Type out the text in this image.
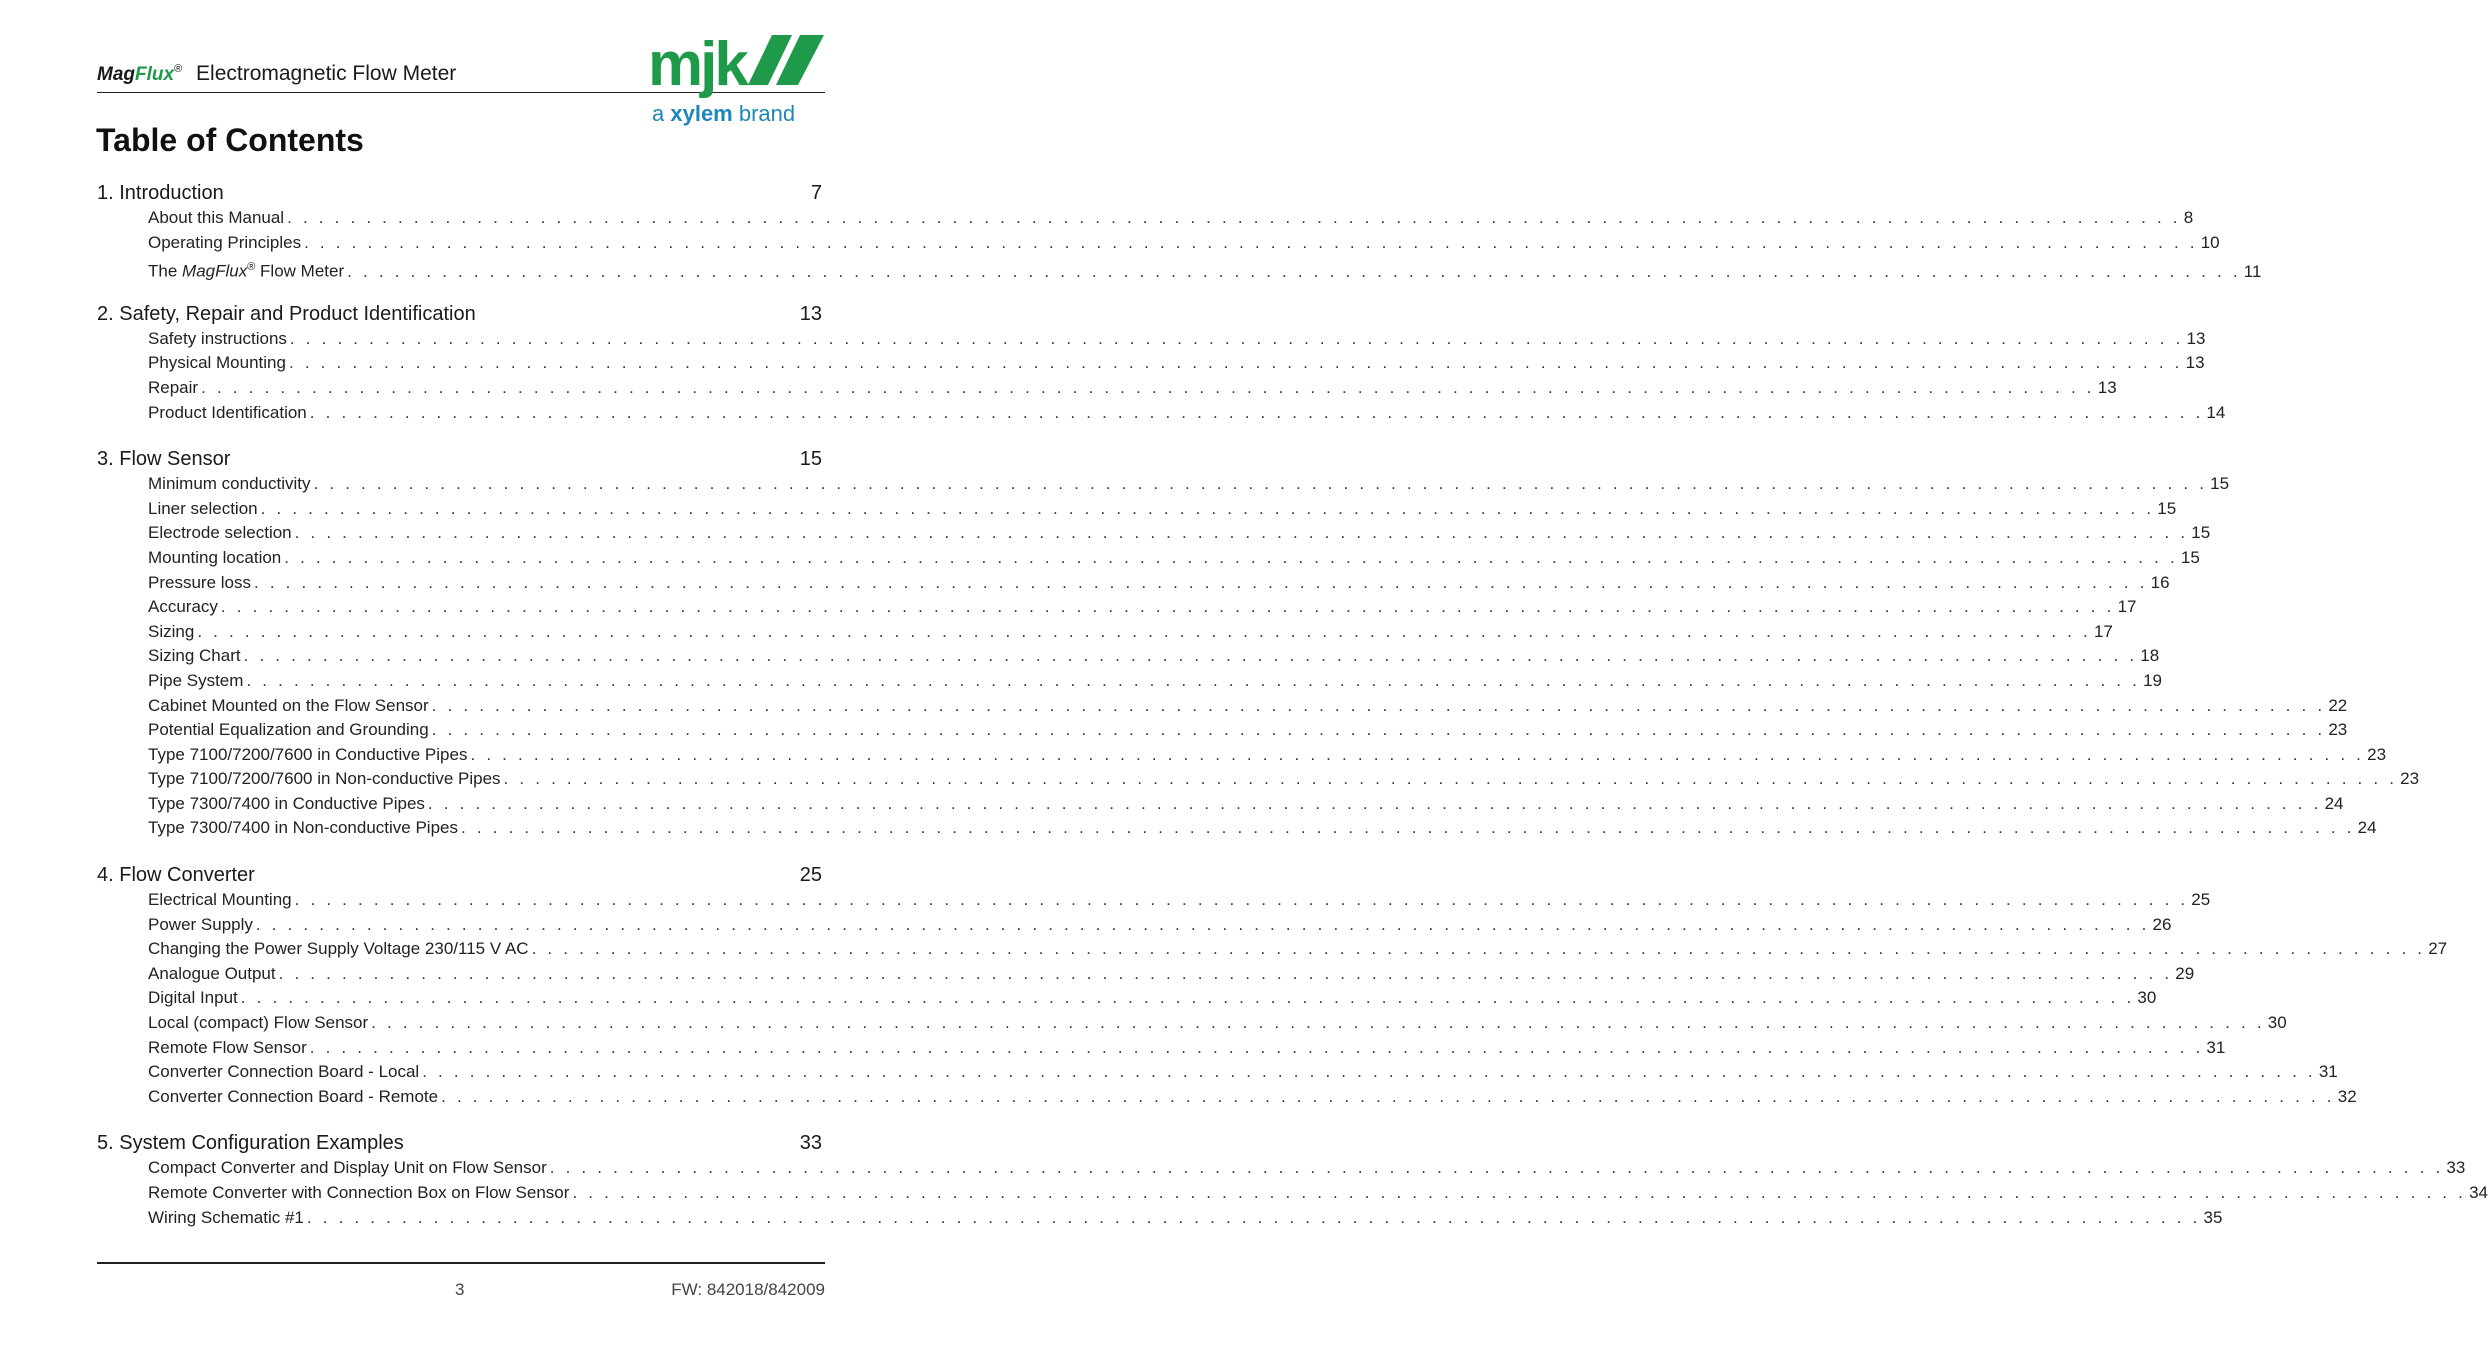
MagFlux® Electromagnetic Flow Meter	mjk
a xylem brand
Table of Contents
1. Introduction	7
About this Manual . . . . . . . . . . . . . . . . . . . . . . . . . . . . . . . . . . . . . . . . . . . . . . . . . . . . . . . . . . . . . . . . . . . . . . . . . . . . . . . . . . . . . . . . . . . . . . . . . . . . . . . . . . . . . . . . . . . . . . . . 8
Operating Principles . . . . . . . . . . . . . . . . . . . . . . . . . . . . . . . . . . . . . . . . . . . . . . . . . . . . . . . . . . . . . . . . . . . . . . . . . . . . . . . . . . . . . . . . . . . . . . . . . . . . . . . . . . . . . . . . . . . . . . . . 10
The MagFlux® Flow Meter . . . . . . . . . . . . . . . . . . . . . . . . . . . . . . . . . . . . . . . . . . . . . . . . . . . . . . . . . . . . . . . . . . . . . . . . . . . . . . . . . . . . . . . . . . . . . . . . . . . . . . . . . . . . . . . . . . . . . . . . 11
2. Safety, Repair and Product Identification	13
Safety instructions . . . . . . . . . . . . . . . . . . . . . . . . . . . . . . . . . . . . . . . . . . . . . . . . . . . . . . . . . . . . . . . . . . . . . . . . . . . . . . . . . . . . . . . . . . . . . . . . . . . . . . . . . . . . . . . . . . . . . . . . 13
Physical Mounting . . . . . . . . . . . . . . . . . . . . . . . . . . . . . . . . . . . . . . . . . . . . . . . . . . . . . . . . . . . . . . . . . . . . . . . . . . . . . . . . . . . . . . . . . . . . . . . . . . . . . . . . . . . . . . . . . . . . . . . . 13
Repair . . . . . . . . . . . . . . . . . . . . . . . . . . . . . . . . . . . . . . . . . . . . . . . . . . . . . . . . . . . . . . . . . . . . . . . . . . . . . . . . . . . . . . . . . . . . . . . . . . . . . . . . . . . . . . . . . . . . . . . . 13
Product Identification . . . . . . . . . . . . . . . . . . . . . . . . . . . . . . . . . . . . . . . . . . . . . . . . . . . . . . . . . . . . . . . . . . . . . . . . . . . . . . . . . . . . . . . . . . . . . . . . . . . . . . . . . . . . . . . . . . . . . . . . 14
3. Flow Sensor	15
Minimum conductivity . . . . . . . . . . . . . . . . . . . . . . . . . . . . . . . . . . . . . . . . . . . . . . . . . . . . . . . . . . . . . . . . . . . . . . . . . . . . . . . . . . . . . . . . . . . . . . . . . . . . . . . . . . . . . . . . . . . . . . . . 15
Liner selection . . . . . . . . . . . . . . . . . . . . . . . . . . . . . . . . . . . . . . . . . . . . . . . . . . . . . . . . . . . . . . . . . . . . . . . . . . . . . . . . . . . . . . . . . . . . . . . . . . . . . . . . . . . . . . . . . . . . . . . . 15
Electrode selection . . . . . . . . . . . . . . . . . . . . . . . . . . . . . . . . . . . . . . . . . . . . . . . . . . . . . . . . . . . . . . . . . . . . . . . . . . . . . . . . . . . . . . . . . . . . . . . . . . . . . . . . . . . . . . . . . . . . . . . . 15
Mounting location . . . . . . . . . . . . . . . . . . . . . . . . . . . . . . . . . . . . . . . . . . . . . . . . . . . . . . . . . . . . . . . . . . . . . . . . . . . . . . . . . . . . . . . . . . . . . . . . . . . . . . . . . . . . . . . . . . . . . . . . 15
Pressure loss . . . . . . . . . . . . . . . . . . . . . . . . . . . . . . . . . . . . . . . . . . . . . . . . . . . . . . . . . . . . . . . . . . . . . . . . . . . . . . . . . . . . . . . . . . . . . . . . . . . . . . . . . . . . . . . . . . . . . . . . 16
Accuracy . . . . . . . . . . . . . . . . . . . . . . . . . . . . . . . . . . . . . . . . . . . . . . . . . . . . . . . . . . . . . . . . . . . . . . . . . . . . . . . . . . . . . . . . . . . . . . . . . . . . . . . . . . . . . . . . . . . . . . . . 17
Sizing . . . . . . . . . . . . . . . . . . . . . . . . . . . . . . . . . . . . . . . . . . . . . . . . . . . . . . . . . . . . . . . . . . . . . . . . . . . . . . . . . . . . . . . . . . . . . . . . . . . . . . . . . . . . . . . . . . . . . . . . 17
Sizing Chart . . . . . . . . . . . . . . . . . . . . . . . . . . . . . . . . . . . . . . . . . . . . . . . . . . . . . . . . . . . . . . . . . . . . . . . . . . . . . . . . . . . . . . . . . . . . . . . . . . . . . . . . . . . . . . . . . . . . . . . . 18
Pipe System . . . . . . . . . . . . . . . . . . . . . . . . . . . . . . . . . . . . . . . . . . . . . . . . . . . . . . . . . . . . . . . . . . . . . . . . . . . . . . . . . . . . . . . . . . . . . . . . . . . . . . . . . . . . . . . . . . . . . . . . 19
Cabinet Mounted on the Flow Sensor . . . . . . . . . . . . . . . . . . . . . . . . . . . . . . . . . . . . . . . . . . . . . . . . . . . . . . . . . . . . . . . . . . . . . . . . . . . . . . . . . . . . . . . . . . . . . . . . . . . . . . . . . . . . . . . . . . . . . . . . 22
Potential Equalization and Grounding . . . . . . . . . . . . . . . . . . . . . . . . . . . . . . . . . . . . . . . . . . . . . . . . . . . . . . . . . . . . . . . . . . . . . . . . . . . . . . . . . . . . . . . . . . . . . . . . . . . . . . . . . . . . . . . . . . . . . . . . 23
Type 7100/7200/7600 in Conductive Pipes . . . . . . . . . . . . . . . . . . . . . . . . . . . . . . . . . . . . . . . . . . . . . . . . . . . . . . . . . . . . . . . . . . . . . . . . . . . . . . . . . . . . . . . . . . . . . . . . . . . . . . . . . . . . . . . . . . . . . . . . 23
Type 7100/7200/7600 in Non-conductive Pipes . . . . . . . . . . . . . . . . . . . . . . . . . . . . . . . . . . . . . . . . . . . . . . . . . . . . . . . . . . . . . . . . . . . . . . . . . . . . . . . . . . . . . . . . . . . . . . . . . . . . . . . . . . . . . . . . . . . . . . . . 23
Type 7300/7400 in Conductive Pipes . . . . . . . . . . . . . . . . . . . . . . . . . . . . . . . . . . . . . . . . . . . . . . . . . . . . . . . . . . . . . . . . . . . . . . . . . . . . . . . . . . . . . . . . . . . . . . . . . . . . . . . . . . . . . . . . . . . . . . . . 24
Type 7300/7400 in Non-conductive Pipes . . . . . . . . . . . . . . . . . . . . . . . . . . . . . . . . . . . . . . . . . . . . . . . . . . . . . . . . . . . . . . . . . . . . . . . . . . . . . . . . . . . . . . . . . . . . . . . . . . . . . . . . . . . . . . . . . . . . . . . . 24
4. Flow Converter	25
Electrical Mounting . . . . . . . . . . . . . . . . . . . . . . . . . . . . . . . . . . . . . . . . . . . . . . . . . . . . . . . . . . . . . . . . . . . . . . . . . . . . . . . . . . . . . . . . . . . . . . . . . . . . . . . . . . . . . . . . . . . . . . . . 25
Power Supply . . . . . . . . . . . . . . . . . . . . . . . . . . . . . . . . . . . . . . . . . . . . . . . . . . . . . . . . . . . . . . . . . . . . . . . . . . . . . . . . . . . . . . . . . . . . . . . . . . . . . . . . . . . . . . . . . . . . . . . . 26
Changing the Power Supply Voltage 230/115 V AC . . . . . . . . . . . . . . . . . . . . . . . . . . . . . . . . . . . . . . . . . . . . . . . . . . . . . . . . . . . . . . . . . . . . . . . . . . . . . . . . . . . . . . . . . . . . . . . . . . . . . . . . . . . . . . . . . . . . . . . . 27
Analogue Output . . . . . . . . . . . . . . . . . . . . . . . . . . . . . . . . . . . . . . . . . . . . . . . . . . . . . . . . . . . . . . . . . . . . . . . . . . . . . . . . . . . . . . . . . . . . . . . . . . . . . . . . . . . . . . . . . . . . . . . . 29
Digital Input . . . . . . . . . . . . . . . . . . . . . . . . . . . . . . . . . . . . . . . . . . . . . . . . . . . . . . . . . . . . . . . . . . . . . . . . . . . . . . . . . . . . . . . . . . . . . . . . . . . . . . . . . . . . . . . . . . . . . . . . 30
Local (compact) Flow Sensor . . . . . . . . . . . . . . . . . . . . . . . . . . . . . . . . . . . . . . . . . . . . . . . . . . . . . . . . . . . . . . . . . . . . . . . . . . . . . . . . . . . . . . . . . . . . . . . . . . . . . . . . . . . . . . . . . . . . . . . . 30
Remote Flow Sensor . . . . . . . . . . . . . . . . . . . . . . . . . . . . . . . . . . . . . . . . . . . . . . . . . . . . . . . . . . . . . . . . . . . . . . . . . . . . . . . . . . . . . . . . . . . . . . . . . . . . . . . . . . . . . . . . . . . . . . . . 31
Converter Connection Board - Local . . . . . . . . . . . . . . . . . . . . . . . . . . . . . . . . . . . . . . . . . . . . . . . . . . . . . . . . . . . . . . . . . . . . . . . . . . . . . . . . . . . . . . . . . . . . . . . . . . . . . . . . . . . . . . . . . . . . . . . . 31
Converter Connection Board - Remote . . . . . . . . . . . . . . . . . . . . . . . . . . . . . . . . . . . . . . . . . . . . . . . . . . . . . . . . . . . . . . . . . . . . . . . . . . . . . . . . . . . . . . . . . . . . . . . . . . . . . . . . . . . . . . . . . . . . . . . . 32
5. System Configuration Examples	33
Compact Converter and Display Unit on Flow Sensor . . . . . . . . . . . . . . . . . . . . . . . . . . . . . . . . . . . . . . . . . . . . . . . . . . . . . . . . . . . . . . . . . . . . . . . . . . . . . . . . . . . . . . . . . . . . . . . . . . . . . . . . . . . . . . . . . . . . . . . . 33
Remote Converter with Connection Box on Flow Sensor . . . . . . . . . . . . . . . . . . . . . . . . . . . . . . . . . . . . . . . . . . . . . . . . . . . . . . . . . . . . . . . . . . . . . . . . . . . . . . . . . . . . . . . . . . . . . . . . . . . . . . . . . . . . . . . . . . . . . . . . 34
Wiring Schematic #1 . . . . . . . . . . . . . . . . . . . . . . . . . . . . . . . . . . . . . . . . . . . . . . . . . . . . . . . . . . . . . . . . . . . . . . . . . . . . . . . . . . . . . . . . . . . . . . . . . . . . . . . . . . . . . . . . . . . . . . . . 35
3	FW: 842018/842009
